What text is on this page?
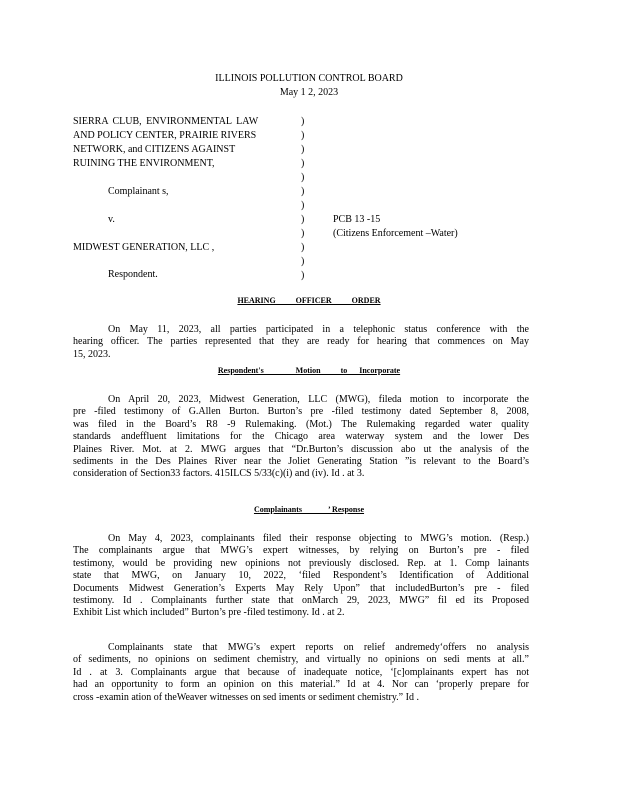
ILLINOIS POLLUTION CONTROL BOARD
May 1 2, 2023
SIERRA CLUB, ENVIRONMENTAL LAW
AND POLICY CENTER, PRAIRIE RIVERS
NETWORK, and CITIZENS AGAINST
RUINING THE ENVIRONMENT,
Complainant s,
v.
MIDWEST GENERATION, LLC ,
Respondent.
PCB 13 -15
(Citizens Enforcement –Water)
)
)
)
)
)
)
)
)
)
)
)
)
HEARING          OFFICER          ORDER
On May 11, 2023, all parties participated in a telephonic status conference with the
hearing officer. The parties represented that they are ready for hearing that commences on May
15, 2023.
Respondent's                Motion          to      Incorporate
On April 20, 2023, Midwest Generation, LLC (MWG), fileda motion to incorporate the
pre -filed testimony of G.Allen Burton. Burton’s pre -filed testimony dated September 8, 2008,
was filed in the Board’s R8 -9 Rulemaking. (Mot.) The Rulemaking regarded water quality
standards andeffluent limitations for the Chicago area waterway system and the lower Des
Plaines River. Mot. at 2. MWG argues that “Dr.Burton’s discussion abo ut the analysis of the
sediments in the Des Plaines River near the Joliet Generating Station ”is relevant to the Board’s
consideration of Section33 factors. 415ILCS 5/33(c)(i) and (iv). Id . at 3.
Complainants             ’ Response
On May 4, 2023, complainants filed their response objecting to MWG’s motion. (Resp.)
The complainants argue that MWG’s expert witnesses, by relying on Burton’s pre - filed
testimony, would be providing new opinions not previously disclosed. Rep. at 1. Comp lainants
state that MWG, on January 10, 2022, ‘filed Respondent’s Identification of Additional
Documents Midwest Generation’s Experts May Rely Upon” that includedBurton’s pre - filed
testimony. Id . Complainants further state that onMarch 29, 2023, MWG” fil ed its Proposed
Exhibit List which included” Burton’s pre -filed testimony. Id . at 2.
Complainants state that MWG’s expert reports on relief andremedy‘offers no analysis
of sediments, no opinions on sediment chemistry, and virtually no opinions on sedi ments at all.”
Id . at 3. Complainants argue that because of inadequate notice, ‘[c]omplainants expert has not
had an opportunity to form an opinion on this material.” Id at 4. Nor can ‘properly prepare for
cross -examin ation of theWeaver witnesses on sed iments or sediment chemistry.” Id .
